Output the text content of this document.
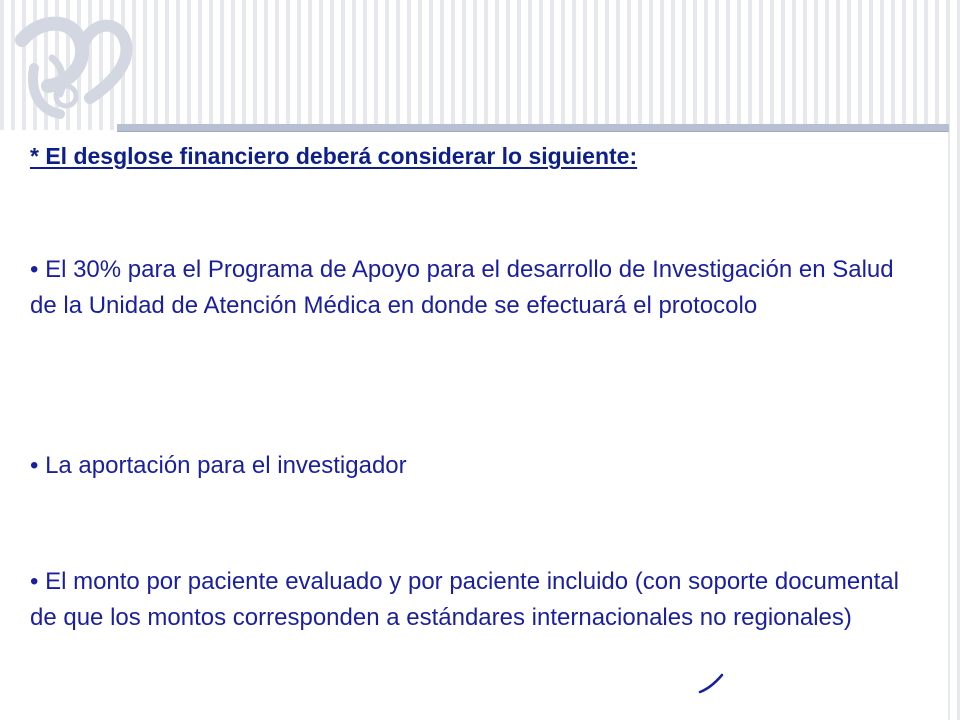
* El desglose financiero deberá considerar lo siguiente:

• El 30% para el Programa de Apoyo para el desarrollo de Investigación en Salud de la Unidad de Atención Médica en donde se efectuará el protocolo

• La aportación para el investigador

• El monto por paciente evaluado y por paciente incluido (con soporte documental de que los montos corresponden a estándares internacionales no regionales)
